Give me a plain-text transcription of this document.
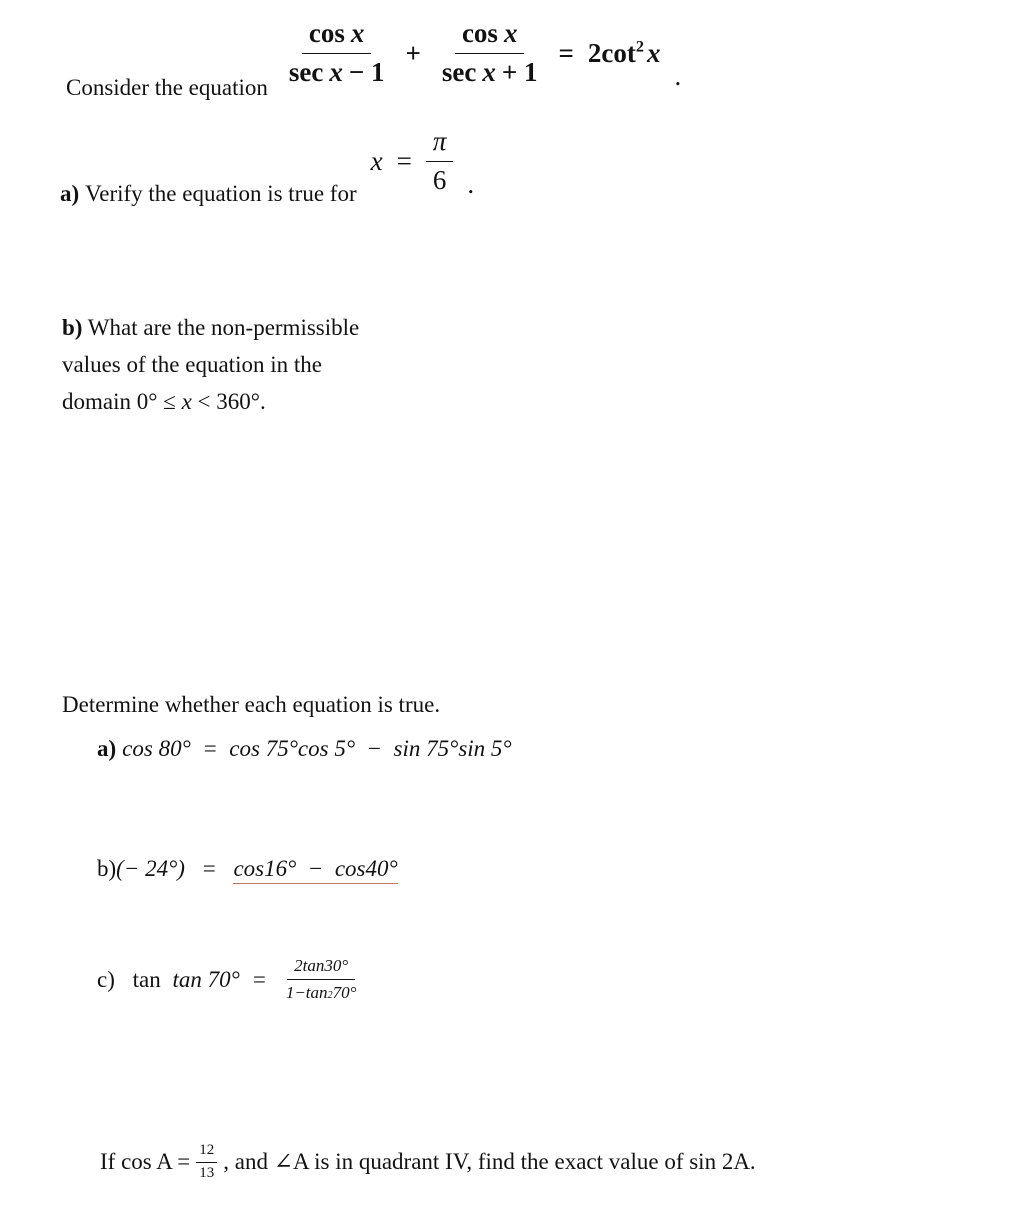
Consider the equation $\frac{\text{cos x}}{\text{sec x − 1}} + \frac{\text{cos x}}{\text{sec x + 1}} = 2\cot^2$ x
.
a) Verify the equation is true for
$x = \frac{\pi}{6}$ .
b) What are the non-permissible
values of the equation in the
domain 0° ≤ x < 360°.
Determine whether each equation is true.
a) cos 80°  =  cos 75°cos 5°  −  sin 75°sin 5°
b)(− 24°) = cos16°  −  cos40°
c) $\tan \tan 70^\circ = \frac{2\tan 30^\circ}{1-\tan 2 70^\circ}$
If $\cos A = \frac{12}{13}$ , and ∠A is in quadrant IV, find the exact value of sin 2A.
